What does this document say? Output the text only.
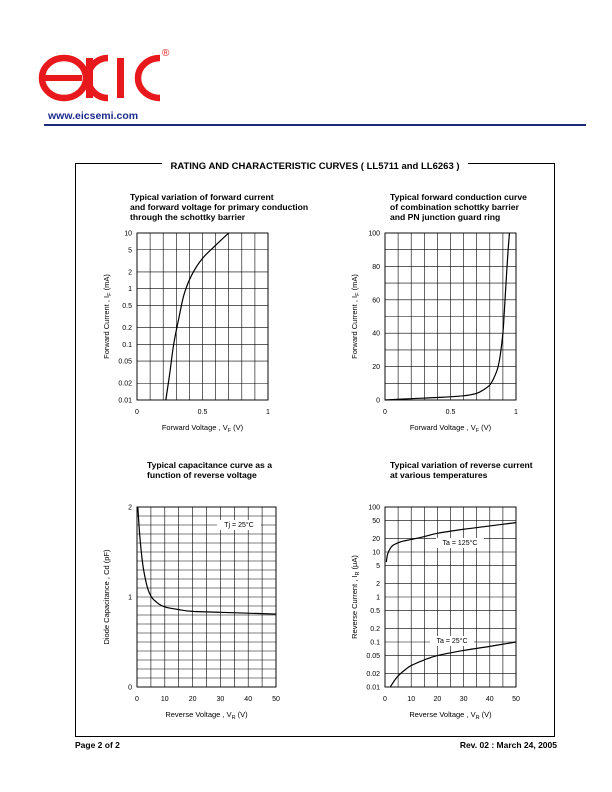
®
www.eicsemi.com
RATING AND CHARACTERISTIC CURVES ( LL5711 and LL6263 )
Typical variation of forward current
and forward voltage for primary conduction
through the schottky barrier
Typical forward conduction curve
of combination schottky barrier
and PN junction guard ring
Typical capacitance curve as a
function of reverse voltage
Typical variation of reverse current
at various temperatures
0.01
0.02
0.05
0.1
0.2
0.5
1
2
5
10
0	0.5	1
Forward Voltage , $V_F$ (V)
Forward Current , $I_F$ (mA)
0
20
40
60
80
100
0	0.5	1
Forward Voltage , $V_F$ (V)
Forward Current , $I_F$ (mA)
0
1
2
0	10	20	30	40	50
Reverse Voltage , $V_R$ (V)
Diode Capacitance , Cd (pF)
0.01
0.02
0.05
0.1
0.2
0.5
1
2
5
10
20
50
100
0	10	20	30	40	50
Reverse Voltage , $V_R$ (V)
Reverse Current , $I_R$ (μA)
Tj = 25°C
Ta = 125°C
Ta = 25°C
Page 2 of 2	Rev. 02 : March 24, 2005
